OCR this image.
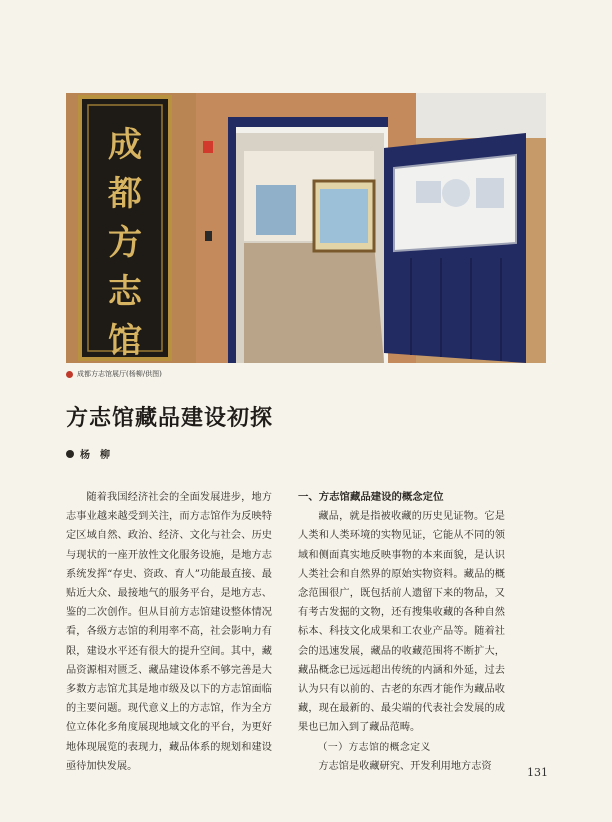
成
都
方
志
馆
成都方志馆展厅(杨柳/供图)
方志馆藏品建设初探
杨　柳

随着我国经济社会的全面发展进步，地方志事业越来越受到关注，而方志馆作为反映特定区域自然、政治、经济、文化与社会、历史与现状的一座开放性文化服务设施，是地方志系统发挥“存史、资政、育人”功能最直接、最贴近大众、最接地气的服务平台，是地方志、鉴的二次创作。但从目前方志馆建设整体情况看，各级方志馆的利用率不高，社会影响力有限，建设水平还有很大的提升空间。其中，藏品资源相对匮乏、藏品建设体系不够完善是大多数方志馆尤其是地市级及以下的方志馆面临的主要问题。现代意义上的方志馆，作为全方位立体化多角度展现地域文化的平台，为更好地体现展览的表现力，藏品体系的规划和建设亟待加快发展。

一、方志馆藏品建设的概念定位

藏品，就是指被收藏的历史见证物。它是人类和人类环境的实物见证，它能从不同的领域和侧面真实地反映事物的本来面貌，是认识人类社会和自然界的原始实物资料。藏品的概念范围很广，既包括前人遗留下来的物品，又有考古发掘的文物，还有搜集收藏的各种自然标本、科技文化成果和工农业产品等。随着社会的迅速发展，藏品的收藏范围将不断扩大，藏品概念已远远超出传统的内涵和外延，过去认为只有以前的、古老的东西才能作为藏品收藏，现在最新的、最尖端的代表社会发展的成果也已加入到了藏品范畴。

（一）方志馆的概念定义

方志馆是收藏研究、开发利用地方志资	131
